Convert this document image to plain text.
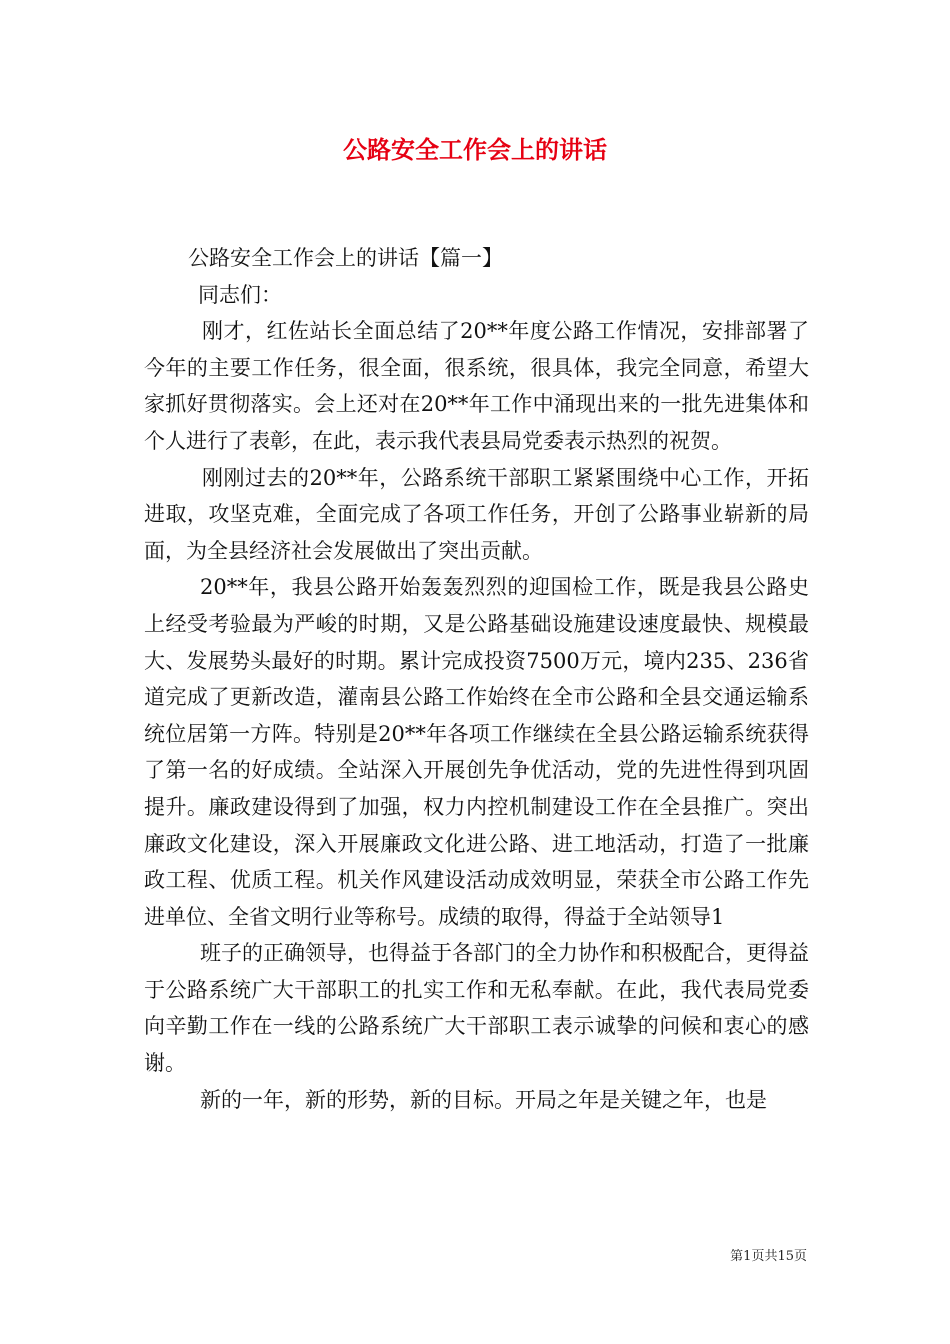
公路安全工作会上的讲话

公路安全工作会上的讲话【篇一】

同志们：

刚才，红佐站长全面总结了20**年度公路工作情况，安排部署了今年的主要工作任务，很全面，很系统，很具体，我完全同意，希望大家抓好贯彻落实。会上还对在20**年工作中涌现出来的一批先进集体和个人进行了表彰，在此，表示我代表县局党委表示热烈的祝贺。

刚刚过去的20**年，公路系统干部职工紧紧围绕中心工作，开拓进取，攻坚克难，全面完成了各项工作任务，开创了公路事业崭新的局面，为全县经济社会发展做出了突出贡献。

20**年，我县公路开始轰轰烈烈的迎国检工作，既是我县公路史上经受考验最为严峻的时期，又是公路基础设施建设速度最快、规模最大、发展势头最好的时期。累计完成投资7500万元，境内235、236省道完成了更新改造，灌南县公路工作始终在全市公路和全县交通运输系统位居第一方阵。特别是20**年各项工作继续在全县公路运输系统获得了第一名的好成绩。全站深入开展创先争优活动，党的先进性得到巩固提升。廉政建设得到了加强，权力内控机制建设工作在全县推广。突出廉政文化建设，深入开展廉政文化进公路、进工地活动，打造了一批廉政工程、优质工程。机关作风建设活动成效明显，荣获全市公路工作先进单位、全省文明行业等称号。成绩的取得，得益于全站领导1

班子的正确领导，也得益于各部门的全力协作和积极配合，更得益于公路系统广大干部职工的扎实工作和无私奉献。在此，我代表局党委向辛勤工作在一线的公路系统广大干部职工表示诚挚的问候和衷心的感谢。

新的一年，新的形势，新的目标。开局之年是关键之年，也是

第1页共15页
